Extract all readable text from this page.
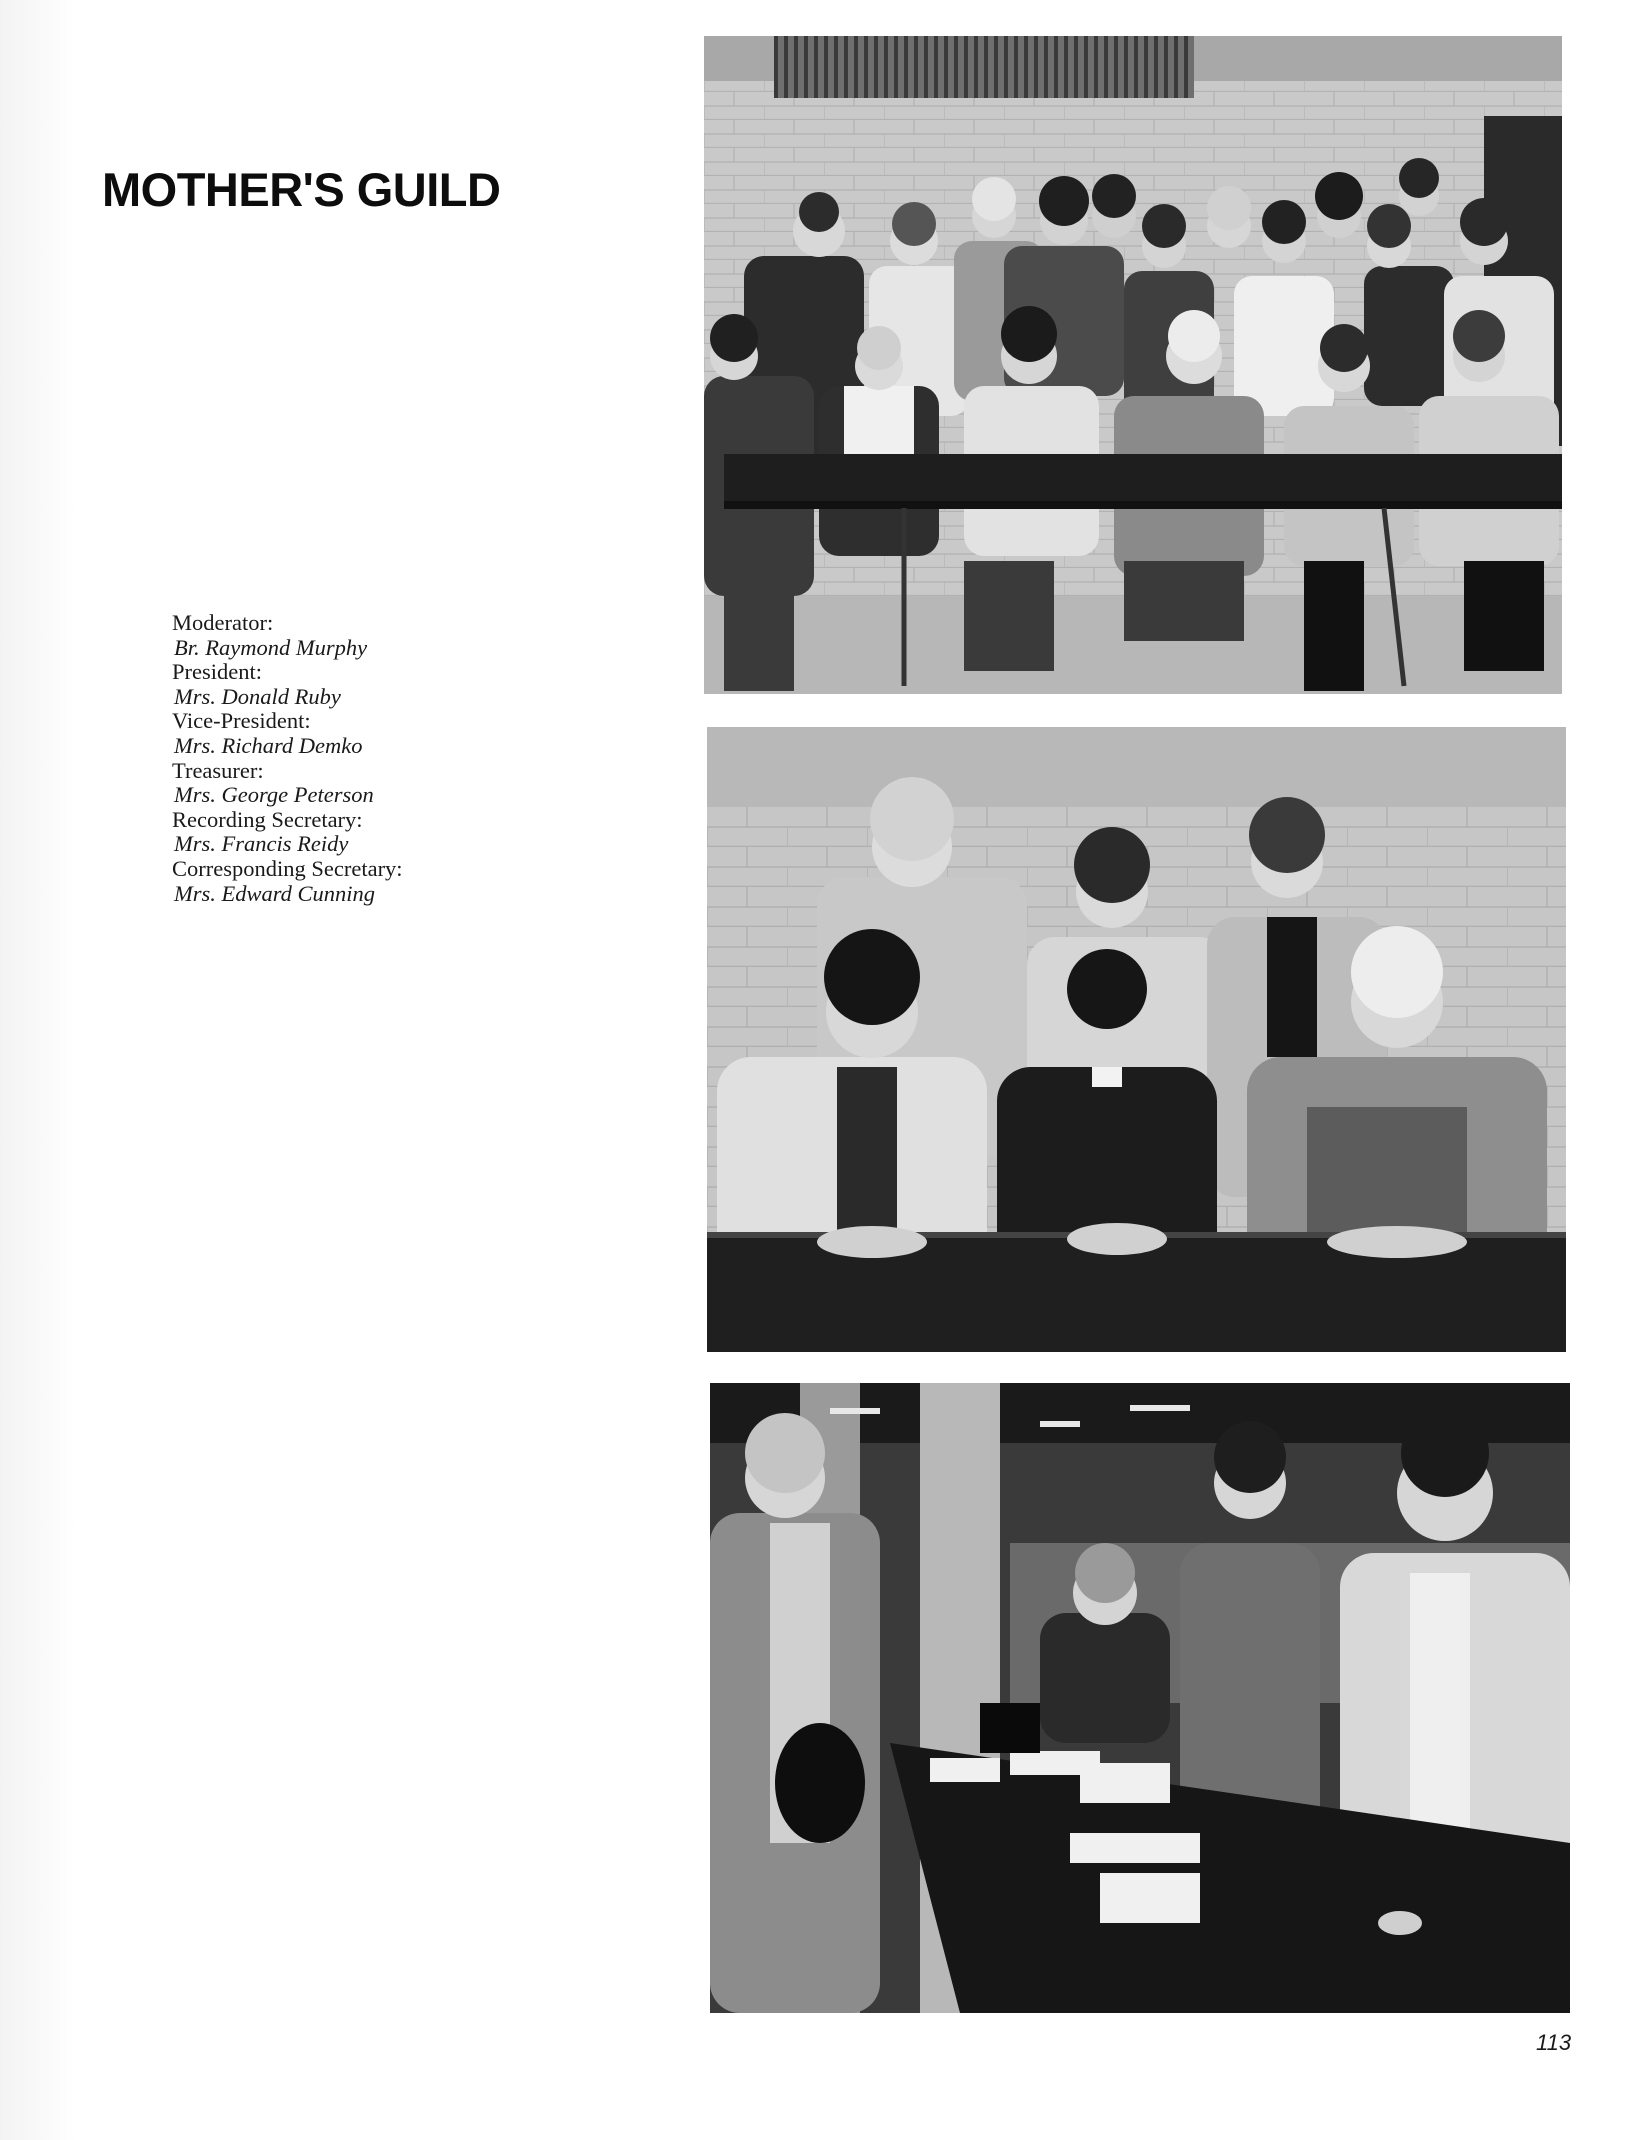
MOTHER'S GUILD
Moderator:
Br. Raymond Murphy
President:
Mrs. Donald Ruby
Vice-President:
Mrs. Richard Demko
Treasurer:
Mrs. George Peterson
Recording Secretary:
Mrs. Francis Reidy
Corresponding Secretary:
Mrs. Edward Cunning
113
